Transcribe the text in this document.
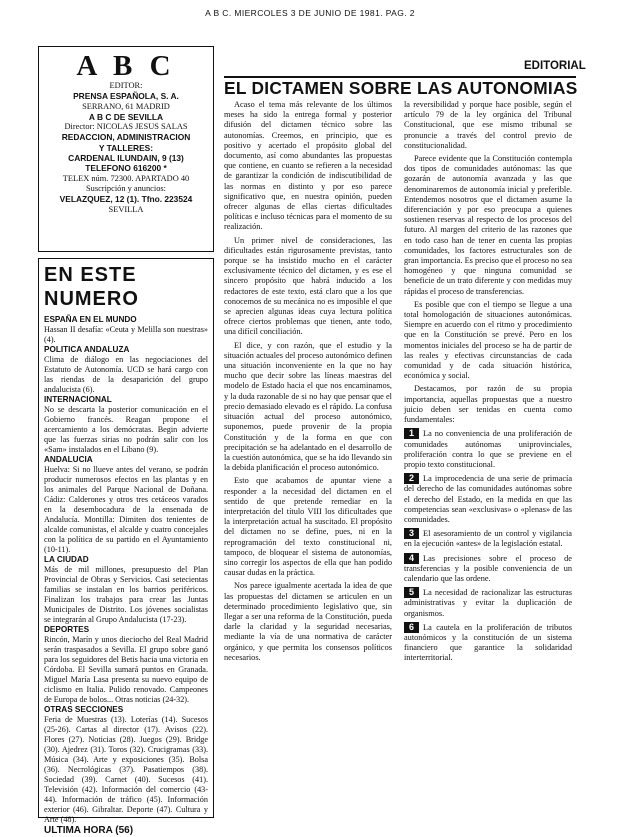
A B C. MIERCOLES 3 DE JUNIO DE 1981. PAG. 2
A B C
EDITOR:
PRENSA ESPAÑOLA, S. A.
SERRANO, 61 MADRID
A B C DE SEVILLA
Director: NICOLAS JESUS SALAS
REDACCION, ADMINISTRACION
Y TALLERES:
CARDENAL ILUNDAIN, 9 (13)
TELEFONO 616200 *
TELEX núm. 72300. APARTADO 40
Suscripción y anuncios:
VELAZQUEZ, 12 (1). Tfno. 223524
SEVILLA
EN ESTE NUMERO
ESPAÑA EN EL MUNDO
Hassan II desafía: «Ceuta y Melilla son nuestras» (4).
POLITICA ANDALUZA
Clima de diálogo en las negociaciones del Estatuto de Autonomía. UCD se hará cargo con las riendas de la desaparición del grupo andalucista (6).
INTERNACIONAL
No se descarta la posterior comunicación en el Gobierno francés. Reagan propone el acercamiento a los demócratas. Begin advierte que las fuerzas sirias no podrán salir con los «Sam» instalados en el Líbano (9).
ANDALUCIA
Huelva: Si no llueve antes del verano, se podrán producir numerosos efectos en las plantas y en los animales del Parque Nacional de Doñana. Cádiz: Calderones y otros tres cetáceos varados en la desembocadura de la ensenada de Andalucía. Montilla: Dimiten dos tenientes de alcalde comunistas, el alcalde y cuatro concejales con la política de su partido en el Ayuntamiento (10-11).
LA CIUDAD
Más de mil millones, presupuesto del Plan Provincial de Obras y Servicios. Casi setecientas familias se instalan en los barrios periféricos. Finalizan los trabajos para crear las Juntas Municipales de Distrito. Los jóvenes socialistas se integrarán al Grupo Andalucista (17-23).
DEPORTES
Rincón, Marín y unos dieciocho del Real Madrid serán traspasados a Sevilla. El grupo sobre ganó para los seguidores del Betis hacia una victoria en Córdoba. El Sevilla sumará puntos en Granada. Miguel María Lasa presenta su nuevo equipo de ciclismo en Italia. Pulido renovado. Campeones de Europa de bolos... Otras noticias (24-32).
OTRAS SECCIONES
Feria de Muestras (13). Loterías (14). Sucesos (25-26). Cartas al director (17). Avisos (22). Flores (27). Noticias (28). Juegos (29). Bridge (30). Ajedrez (31). Toros (32). Crucigramas (33). Música (34). Arte y exposiciones (35). Bolsa (36). Necrológicas (37). Pasatiempos (38). Sociedad (39). Carnet (40). Sucesos (41). Televisión (42). Información del comercio (43-44). Información de tráfico (45). Información exterior (46). Gibraltar. Deporte (47). Cultura y Arte (48).
ULTIMA HORA (56)
EDITORIAL
EL DICTAMEN SOBRE LAS AUTONOMIAS

Acaso el tema más relevante de los últimos meses ha sido la entrega formal y posterior difusión del dictamen técnico sobre las autonomías. Creemos, en principio, que es positivo y acertado el propósito global del documento, así como abundantes las propuestas que contiene, en cuanto se refieren a la necesidad de garantizar la condición de indiscutibilidad de las normas en distinto y por eso parece significativo que, en nuestra opinión, pueden ofrecer algunas de ellas ciertas dificultades políticas e incluso técnicas para el momento de su realización.

Un primer nivel de consideraciones, las dificultades están rigurosamente previstas, tanto porque se ha insistido mucho en el carácter exclusivamente técnico del dictamen, y es ese el sincero propósito que habrá inducido a los redactores de este texto, está claro que a los que conocemos de su mecánica no es imposible el que se aprecien algunas ideas cuya lectura política ofrece ciertos problemas que tienen, ante todo, una difícil conciliación.

El dice, y con razón, que el estudio y la situación actuales del proceso autonómico definen una situación inconveniente en la que no hay mucho que decir sobre las líneas maestras del modelo de Estado hacia el que nos encaminamos, y la duda razonable de si no hay que pensar que el precio demasiado elevado es el rápido. La confusa situación actual del proceso autonómico, suponemos, puede provenir de la propia Constitución y de la forma en que con precipitación se ha adelantado en el desarrollo de la cuestión autonómica, que se ha ido llevando sin la debida planificación el proceso autonómico.

Esto que acabamos de apuntar viene a responder a la necesidad del dictamen en el sentido de que pretende remediar en la interpretación del título VIII los dificultades que la interpretación actual ha suscitado. El propósito del dictamen no se define, pues, ni en la reprogramación del texto constitucional ni, tampoco, de bloquear el sistema de autonomías, sino corregir los aspectos de ella que han podido causar dudas en la práctica.

Nos parece igualmente acertada la idea de que las propuestas del dictamen se articulen en un determinado procedimiento legislativo que, sin llegar a ser una reforma de la Constitución, pueda darle la claridad y la seguridad necesarias, mediante la vía de una normativa de carácter orgánico, y que permita los consensos políticos necesarios.

la reversibilidad y porque hace posible, según el artículo 79 de la ley orgánica del Tribunal Constitucional, que ese mismo tribunal se pronuncie a través del control previo de constitucionalidad.

Parece evidente que la Constitución contempla dos tipos de comunidades autónomas: las que gozarán de autonomía avanzada y las que denominaremos de autonomía inicial y preferible. Entendemos nosotros que el dictamen asume la diferenciación y por eso preocupa a quienes sostienen reservas al respecto de los procesos del futuro. Al margen del criterio de las razones que en todo caso han de tener en cuenta las propias comunidades, los factores estructurales son de gran importancia. Es preciso que el proceso no sea homogéneo y que ninguna comunidad se beneficie de un trato diferente y con medidas muy rápidas el proceso de transferencias.

Es posible que con el tiempo se llegue a una total homologación de situaciones autonómicas. Siempre en acuerdo con el ritmo y procedimiento que en la Constitución se prevé. Pero en los momentos iniciales del proceso se ha de partir de las reales y efectivas circunstancias de cada comunidad y de cada situación histórica, económica y social.

Destacamos, por razón de su propia importancia, aquellas propuestas que a nuestro juicio deben ser tenidas en cuenta como fundamentales:

1 La no conveniencia de una proliferación de comunidades autónomas uniprovinciales, proliferación contra lo que se previene en el propio texto constitucional.

2 La improcedencia de una serie de primacía del derecho de las comunidades autónomas sobre el derecho del Estado, en la medida en que las competencias sean «exclusivas» o «plenas» de las comunidades.

3 El asesoramiento de un control y vigilancia en la ejecución «antes» de la legislación estatal.

4 Las precisiones sobre el proceso de transferencias y la posible conveniencia de un calendario que las ordene.

5 La necesidad de racionalizar las estructuras administrativas y evitar la duplicación de organismos.

6 La cautela en la proliferación de tributos autonómicos y la constitución de un sistema financiero que garantice la solidaridad interterritorial.
